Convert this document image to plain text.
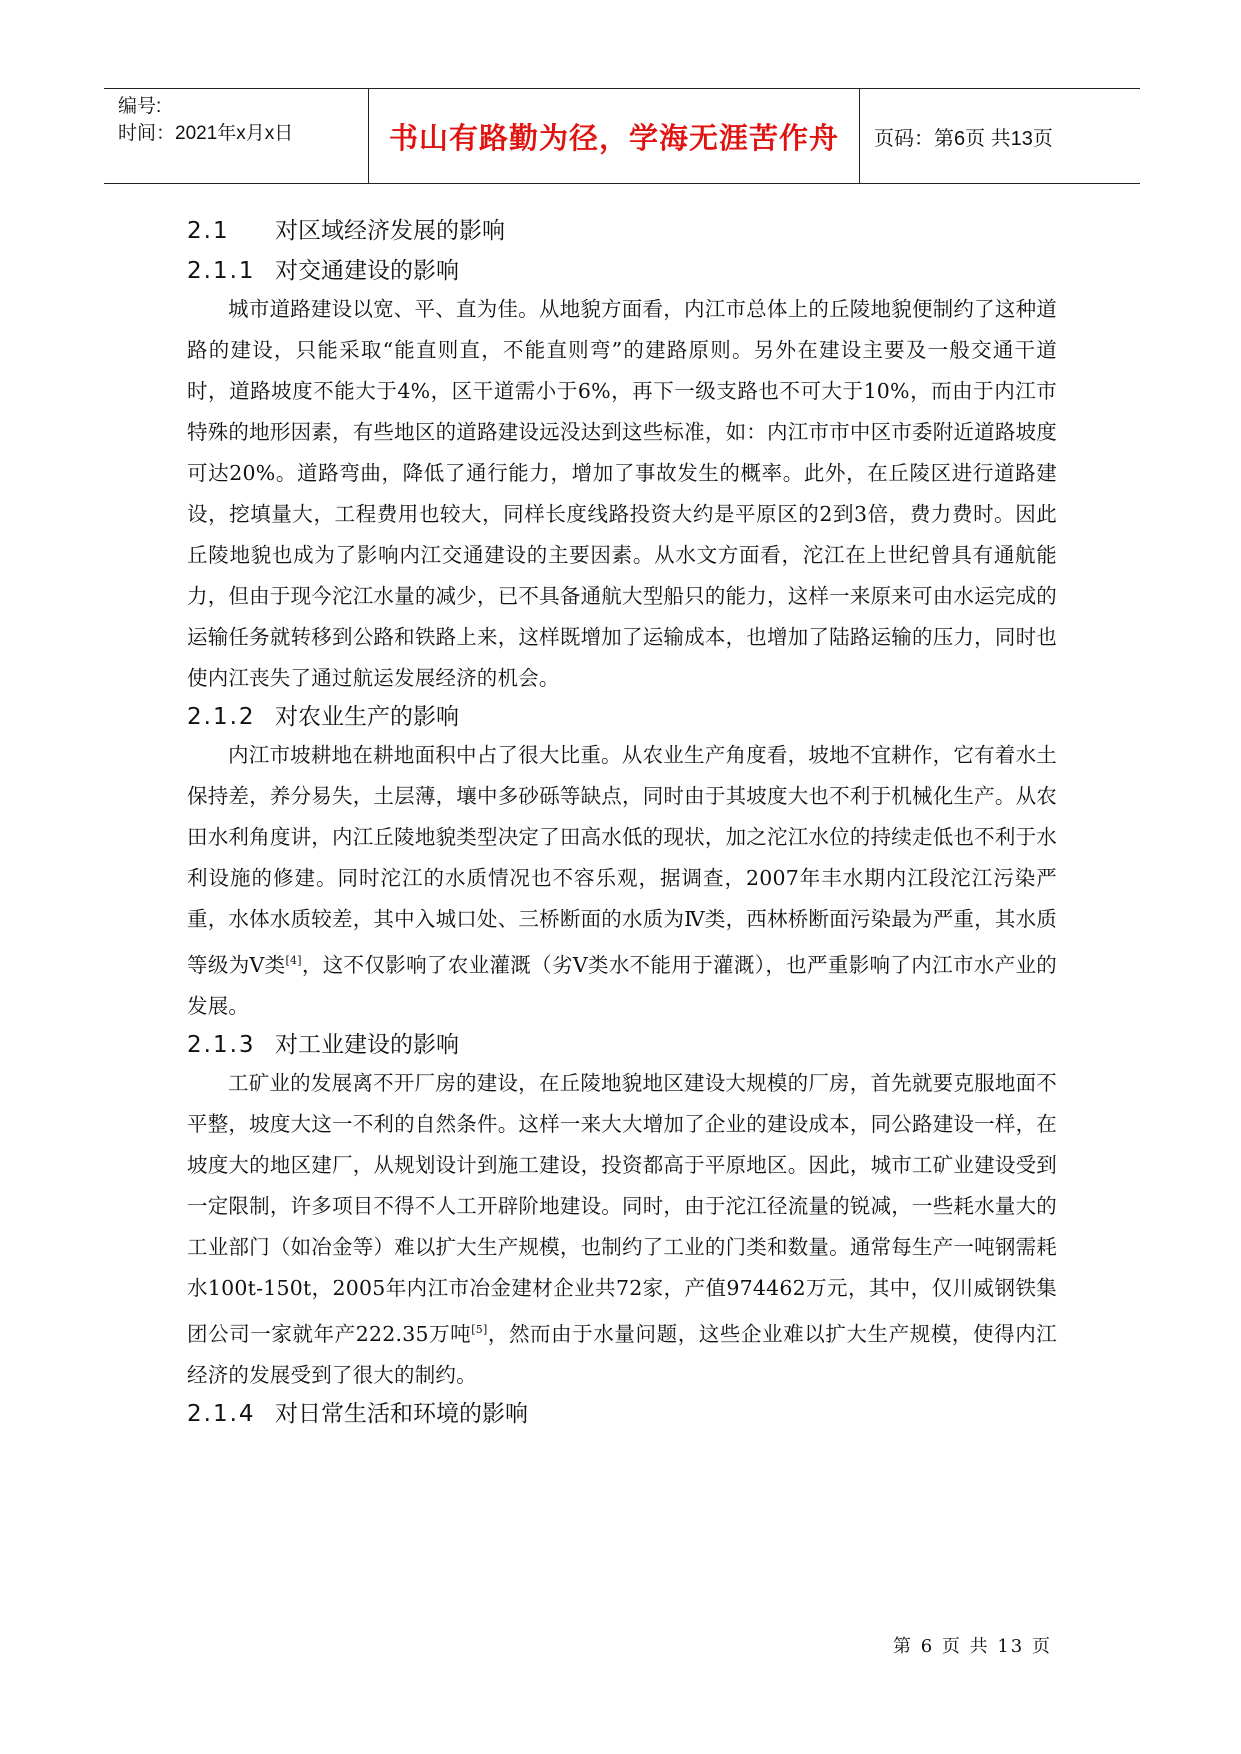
编号:
时间：2021年x月x日	书山有路勤为径，学海无涯苦作舟	页码：第6页 共13页
2.1 对区域经济发展的影响
2.1.1 对交通建设的影响

城市道路建设以宽、平、直为佳。从地貌方面看，内江市总体上的丘陵地貌便制约了这种道路的建设，只能采取“能直则直，不能直则弯”的建路原则。另外在建设主要及一般交通干道时，道路坡度不能大于4%，区干道需小于6%，再下一级支路也不可大于10%，而由于内江市特殊的地形因素，有些地区的道路建设远没达到这些标准，如：内江市市中区市委附近道路坡度可达20%。道路弯曲，降低了通行能力，增加了事故发生的概率。此外，在丘陵区进行道路建设，挖填量大，工程费用也较大，同样长度线路投资大约是平原区的2到3倍，费力费时。因此丘陵地貌也成为了影响内江交通建设的主要因素。从水文方面看，沱江在上世纪曾具有通航能力，但由于现今沱江水量的减少，已不具备通航大型船只的能力，这样一来原来可由水运完成的运输任务就转移到公路和铁路上来，这样既增加了运输成本，也增加了陆路运输的压力，同时也使内江丧失了通过航运发展经济的机会。

2.1.2 对农业生产的影响

内江市坡耕地在耕地面积中占了很大比重。从农业生产角度看，坡地不宜耕作，它有着水土保持差，养分易失，土层薄，壤中多砂砾等缺点，同时由于其坡度大也不利于机械化生产。从农田水利角度讲，内江丘陵地貌类型决定了田高水低的现状，加之沱江水位的持续走低也不利于水利设施的修建。同时沱江的水质情况也不容乐观，据调查，2007年丰水期内江段沱江污染严重，水体水质较差，其中入城口处、三桥断面的水质为Ⅳ类，西林桥断面污染最为严重，其水质等级为Ⅴ类[4]，这不仅影响了农业灌溉（劣Ⅴ类水不能用于灌溉），也严重影响了内江市水产业的发展。

2.1.3 对工业建设的影响

工矿业的发展离不开厂房的建设，在丘陵地貌地区建设大规模的厂房，首先就要克服地面不平整，坡度大这一不利的自然条件。这样一来大大增加了企业的建设成本，同公路建设一样，在坡度大的地区建厂，从规划设计到施工建设，投资都高于平原地区。因此，城市工矿业建设受到一定限制，许多项目不得不人工开辟阶地建设。同时，由于沱江径流量的锐减，一些耗水量大的工业部门（如冶金等）难以扩大生产规模，也制约了工业的门类和数量。通常每生产一吨钢需耗水100t-150t，2005年内江市冶金建材企业共72家，产值974462万元，其中，仅川威钢铁集团公司一家就年产222.35万吨[5]，然而由于水量问题，这些企业难以扩大生产规模，使得内江经济的发展受到了很大的制约。

2.1.4 对日常生活和环境的影响
第 6 页 共 13 页
